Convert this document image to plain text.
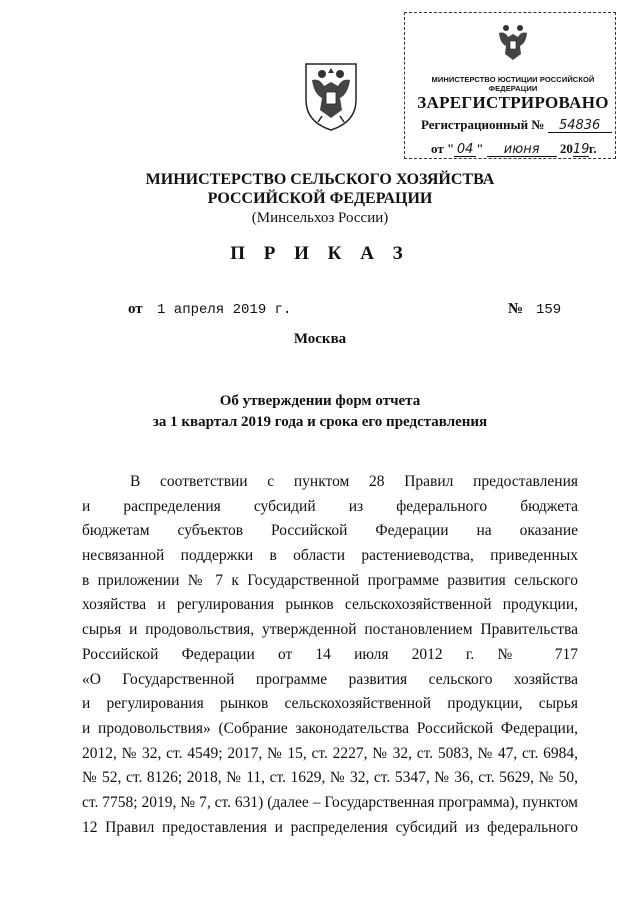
МИНИСТЕРСТВО ЮСТИЦИИ РОССИЙСКОЙ ФЕДЕРАЦИИ
ЗАРЕГИСТРИРОВАНО
Регистрационный № 54836
от " 04 " июня 2019г.
МИНИСТЕРСТВО СЕЛЬСКОГО ХОЗЯЙСТВА
РОССИЙСКОЙ ФЕДЕРАЦИИ
(Минсельхоз России)
П Р И К А З
от 1 апреля 2019 г.	№ 159
Москва
Об утверждении форм отчета
за 1 квартал 2019 года и срока его представления
В соответствии с пунктом 28 Правил предоставления
и распределения субсидий из федерального бюджета
бюджетам субъектов Российской Федерации на оказание
несвязанной поддержки в области растениеводства, приведенных
в приложении № 7 к Государственной программе развития сельского
хозяйства и регулирования рынков сельскохозяйственной продукции,
сырья и продовольствия, утвержденной постановлением Правительства
Российской Федерации от 14 июля 2012 г. № 717
«О Государственной программе развития сельского хозяйства
и регулирования рынков сельскохозяйственной продукции, сырья
и продовольствия» (Собрание законодательства Российской Федерации,
2012, № 32, ст. 4549; 2017, № 15, ст. 2227, № 32, ст. 5083, № 47, ст. 6984,
№ 52, ст. 8126; 2018, № 11, ст. 1629, № 32, ст. 5347, № 36, ст. 5629, № 50,
ст. 7758; 2019, № 7, ст. 631) (далее – Государственная программа), пунктом
12 Правил предоставления и распределения субсидий из федерального
